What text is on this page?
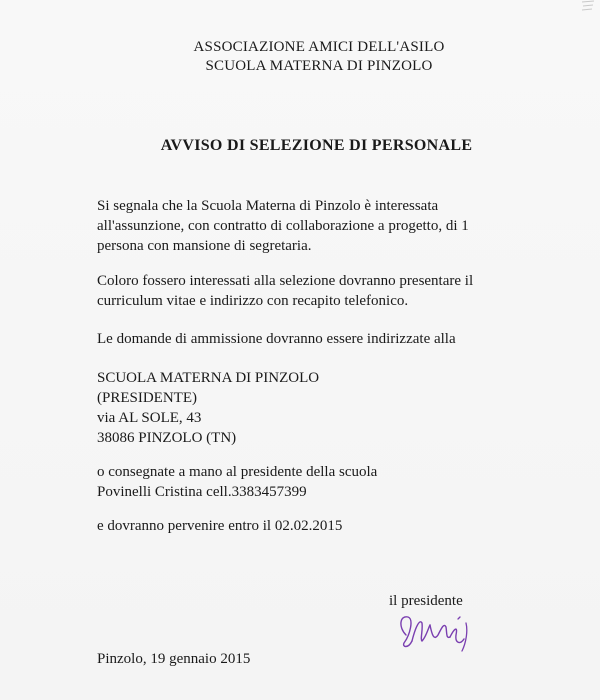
ASSOCIAZIONE AMICI DELL'ASILO
SCUOLA MATERNA DI PINZOLO
AVVISO DI SELEZIONE DI PERSONALE
Si segnala che la Scuola Materna di Pinzolo è interessata
all'assunzione, con contratto di collaborazione a progetto, di 1
persona con mansione di segretaria.
Coloro fossero interessati alla selezione dovranno presentare il
curriculum vitae e indirizzo con recapito telefonico.
Le domande di ammissione dovranno essere indirizzate alla
SCUOLA MATERNA DI PINZOLO
(PRESIDENTE)
via AL SOLE, 43
38086 PINZOLO (TN)
o consegnate a mano al presidente della scuola
Povinelli Cristina cell.3383457399
e dovranno pervenire entro il 02.02.2015
il presidente
Pinzolo, 19 gennaio 2015
